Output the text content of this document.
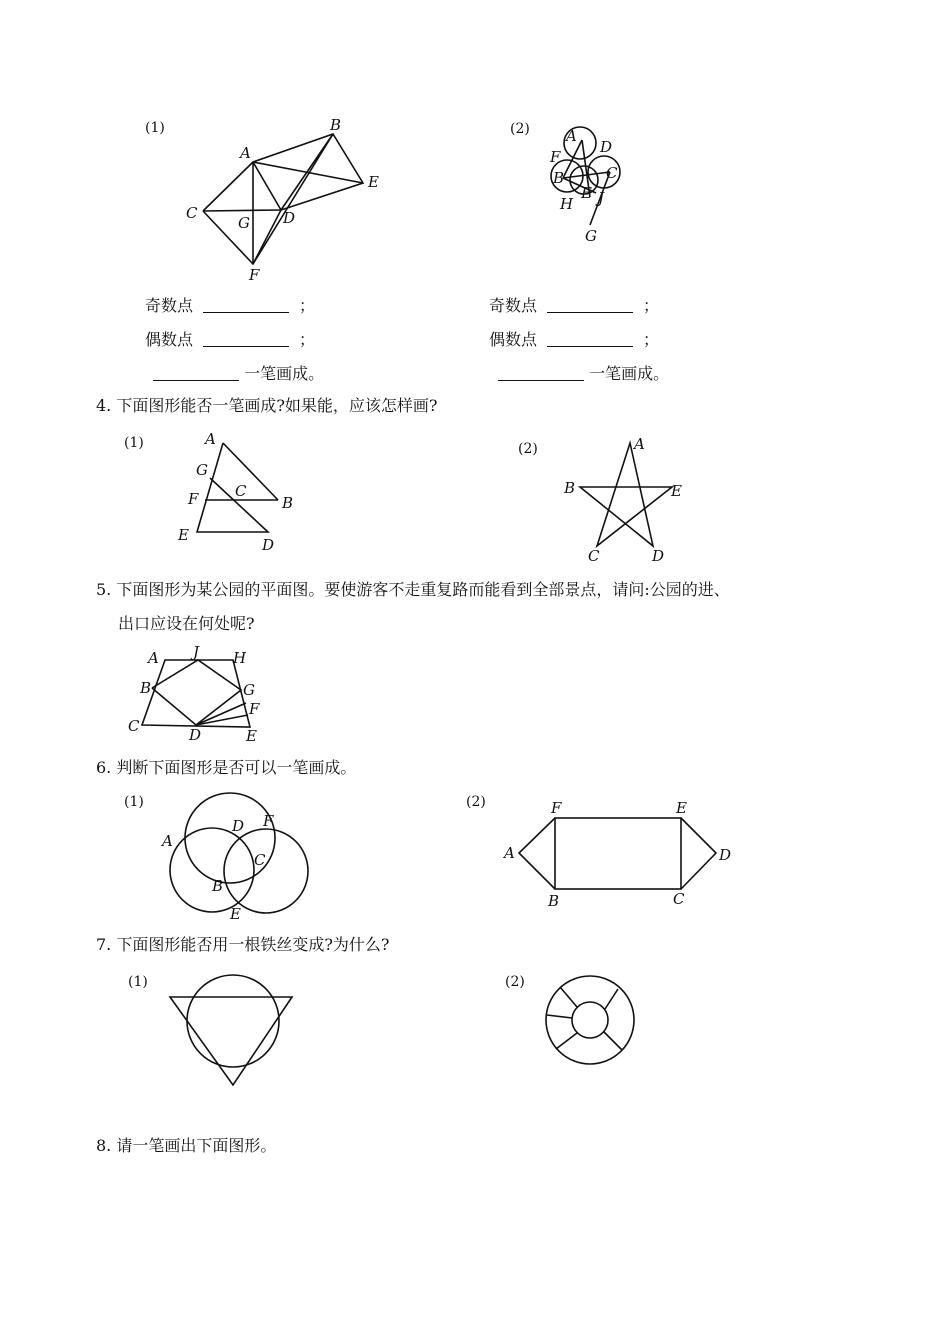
(1)
A
B
C	D
E
F
G
(2) A
D
F
B	C
E
H J
G
奇数点	；
偶数点	；
一笔画成。
奇数点	；
偶数点	；
一笔画成。
4. 下面图形能否一笔画成?如果能，应该怎样画?
(1)	A
G
F C
B
E
D
(2)	A
B	E
C	D
5. 下面图形为某公园的平面图。要使游客不走重复路而能看到全部景点，请问:公园的进、
出口应设在何处呢?
A J H
B	G
F
C	D	E
6. 判断下面图形是否可以一笔画成。
(1)
A
D F
C
B
E
(2)	F	E
A	D
B	C
7. 下面图形能否用一根铁丝变成?为什么?
(1)	(2)
8. 请一笔画出下面图形。
